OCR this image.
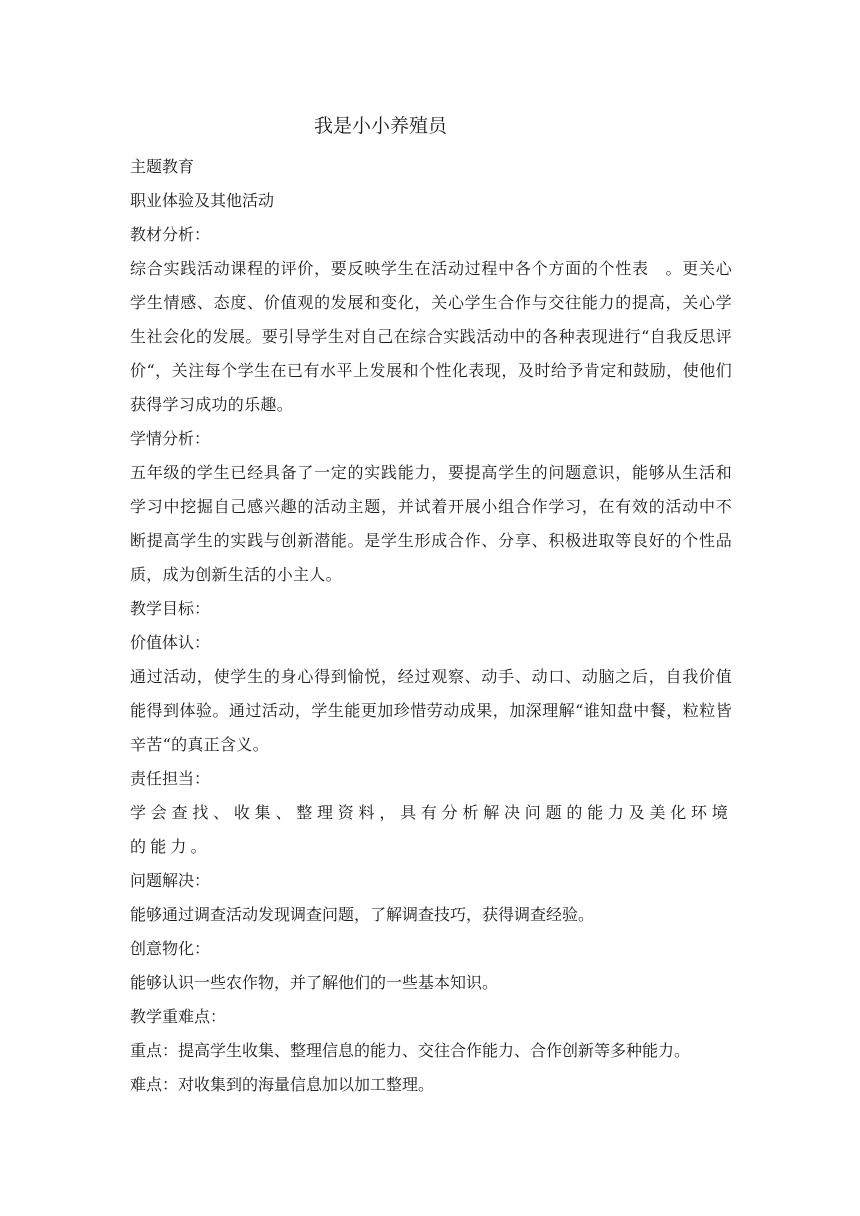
我是小小养殖员

主题教育

职业体验及其他活动

教材分析：

综合实践活动课程的评价，要反映学生在活动过程中各个方面的个性表　。更关心学生情感、态度、价值观的发展和变化，关心学生合作与交往能力的提高，关心学生社会化的发展。要引导学生对自己在综合实践活动中的各种表现进行“自我反思评价“，关注每个学生在已有水平上发展和个性化表现，及时给予肯定和鼓励，使他们获得学习成功的乐趣。

学情分析：

五年级的学生已经具备了一定的实践能力，要提高学生的问题意识，能够从生活和学习中挖掘自己感兴趣的活动主题，并试着开展小组合作学习，在有效的活动中不断提高学生的实践与创新潜能。是学生形成合作、分享、积极进取等良好的个性品质，成为创新生活的小主人。

教学目标：

价值体认：

通过活动，使学生的身心得到愉悦，经过观察、动手、动口、动脑之后，自我价值能得到体验。通过活动，学生能更加珍惜劳动成果，加深理解“谁知盘中餐，粒粒皆辛苦“的真正含义。

责任担当：

学会查找、收集、整理资料，具有分析解决问题的能力及美化环境的能力。

问题解决：

能够通过调查活动发现调查问题，了解调查技巧，获得调查经验。

创意物化：

能够认识一些农作物，并了解他们的一些基本知识。

教学重难点：

重点：提高学生收集、整理信息的能力、交往合作能力、合作创新等多种能力。

难点：对收集到的海量信息加以加工整理。
